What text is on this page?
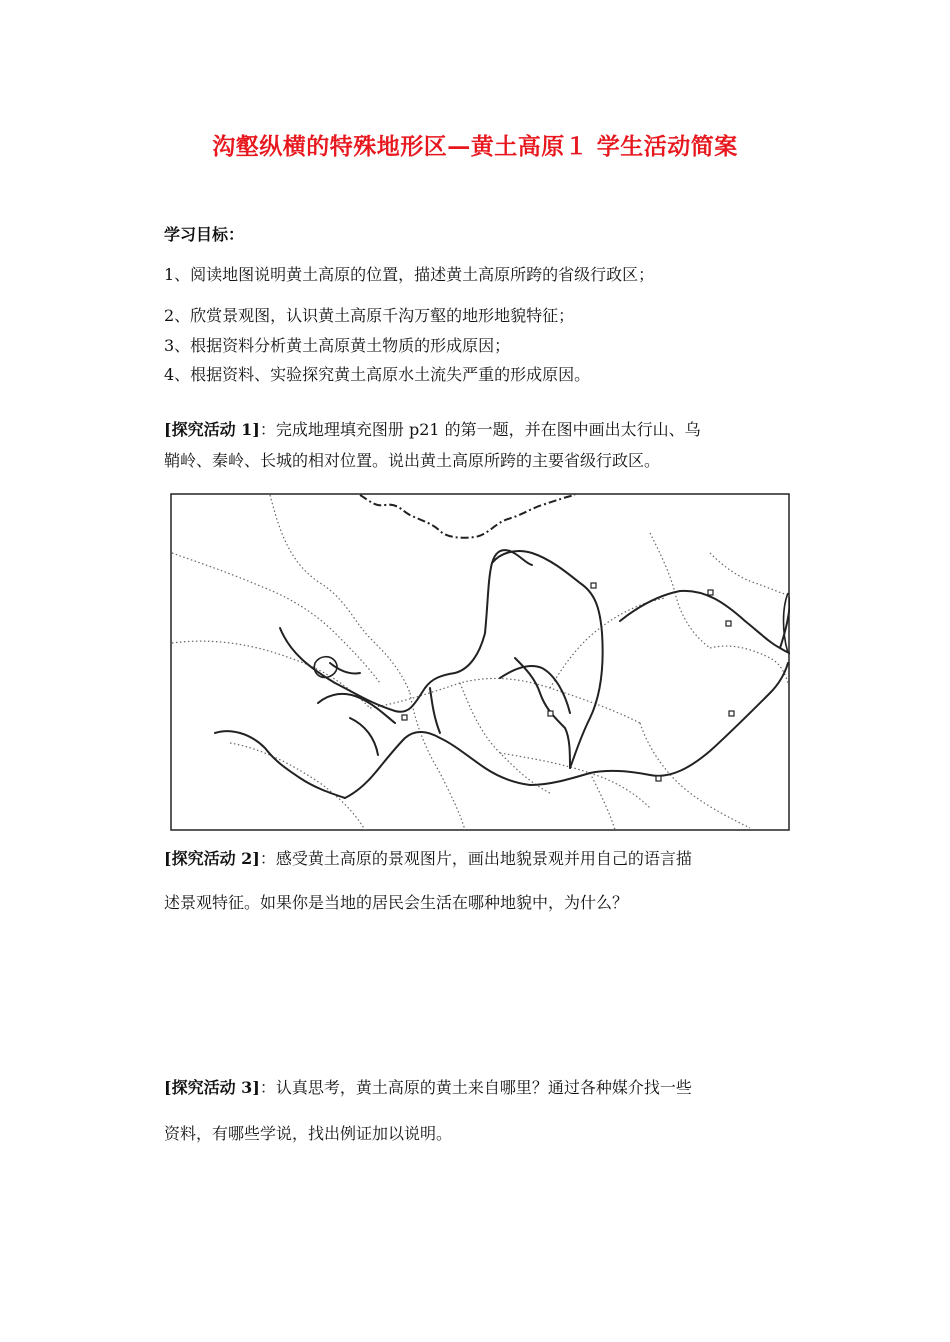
沟壑纵横的特殊地形区—黄土高原１ 学生活动简案
学习目标：
1、阅读地图说明黄土高原的位置，描述黄土高原所跨的省级行政区；
2、欣赏景观图，认识黄土高原千沟万壑的地形地貌特征；
3、根据资料分析黄土高原黄土物质的形成原因；
4、根据资料、实验探究黄土高原水土流失严重的形成原因。
[探究活动 1]：完成地理填充图册 p21 的第一题，并在图中画出太行山、乌
鞘岭、秦岭、长城的相对位置。说出黄土高原所跨的主要省级行政区。
[探究活动 2]：感受黄土高原的景观图片，画出地貌景观并用自己的语言描
述景观特征。如果你是当地的居民会生活在哪种地貌中，为什么？
[探究活动 3]：认真思考，黄土高原的黄土来自哪里？通过各种媒介找一些
资料，有哪些学说，找出例证加以说明。
